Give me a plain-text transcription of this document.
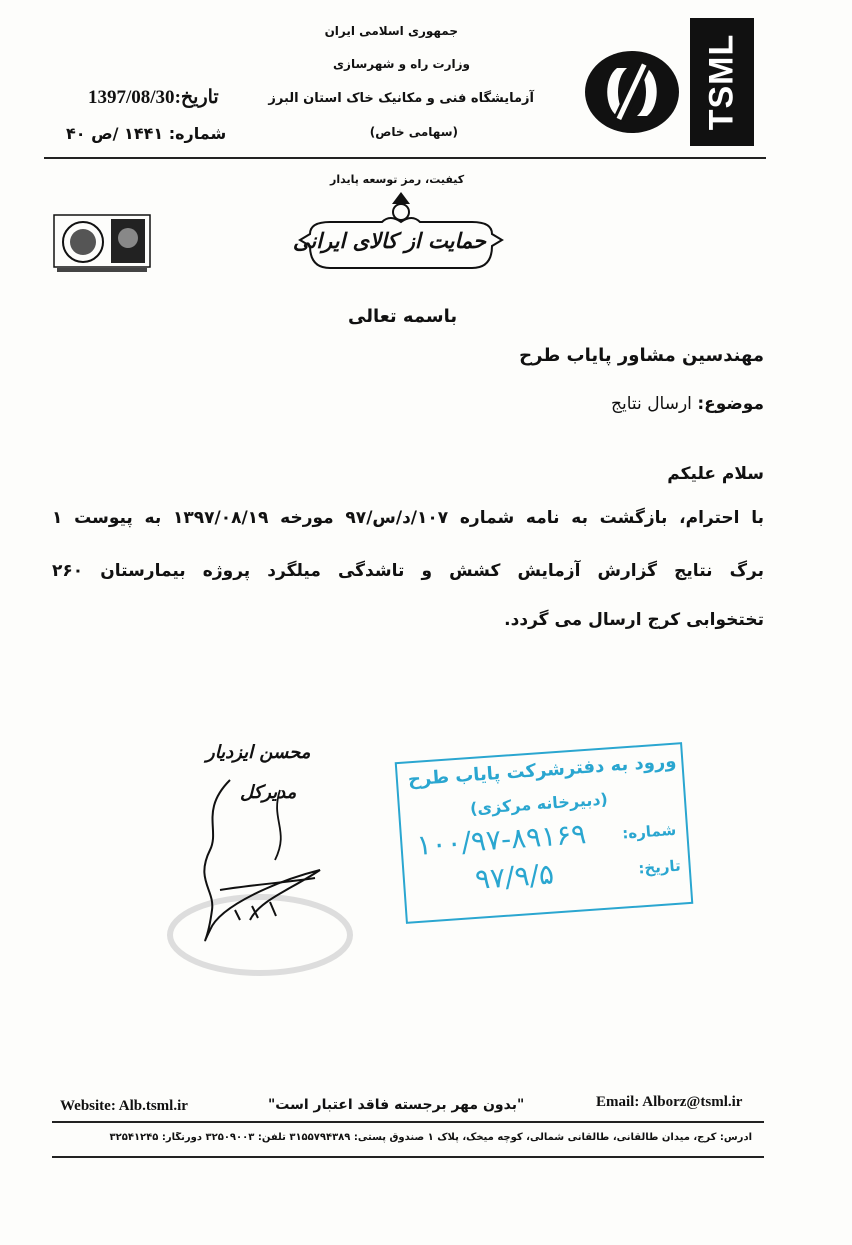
TSML
جمهوری اسلامی ایران
وزارت راه و شهرسازی
آزمایشگاه فنی و مکانیک خاک استان البرز
(سهامی خاص)
1397/08/30تاریخ:
شماره: ۱۴۴۱ /ص ۴۰
کیفیت، رمز توسعه پایدار
حمایت از کالای ایرانی
باسمه تعالی
مهندسین مشاور پایاب طرح
موضوع: ارسال نتایج
سلام علیکم
با احترام، بازگشت به نامه شماره ۱۰۷/د/س/۹۷ مورخه ۱۳۹۷/۰۸/۱۹ به پیوست ۱
برگ نتایج گزارش آزمایش کشش و تاشدگی میلگرد پروژه بیمارستان ۲۶۰
تختخوابی کرج ارسال می گردد.
محسن ایزدیار
مدیرکل
ورود به دفترشرکت پایاب طرح
(دبیرخانه مرکزی)
شماره:
۱۰۰/۹۷-۸۹۱۶۹
تاریخ:
۹۷/۹/۵
Website: Alb.tsml.ir	"بدون مهر برجسته فاقد اعتبار است"	Email: Alborz@tsml.ir
آدرس: کرج، میدان طالقانی، طالقانی شمالی، کوچه میخک، پلاک ۱ صندوق پستی: ۳۱۵۵۷۹۴۳۸۹ تلفن: ۳۲۵۰۹۰۰۳ دورنگار: ۳۲۵۴۱۲۴۵
